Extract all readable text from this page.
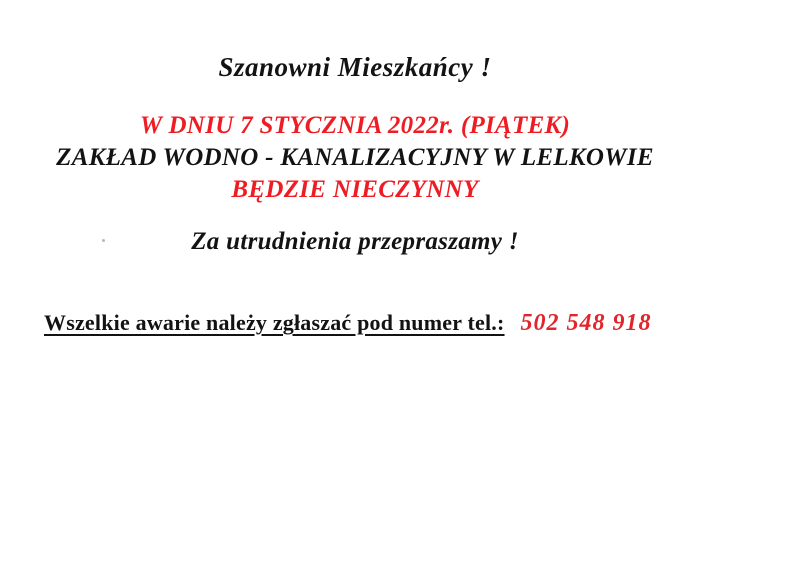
Szanowni Mieszkańcy !
W DNIU 7 STYCZNIA 2022r. (PIĄTEK)
ZAKŁAD WODNO - KANALIZACYJNY W LELKOWIE
BĘDZIE NIECZYNNY
Za utrudnienia przepraszamy !
Wszelkie awarie należy zgłaszać pod numer tel.: 502 548 918
